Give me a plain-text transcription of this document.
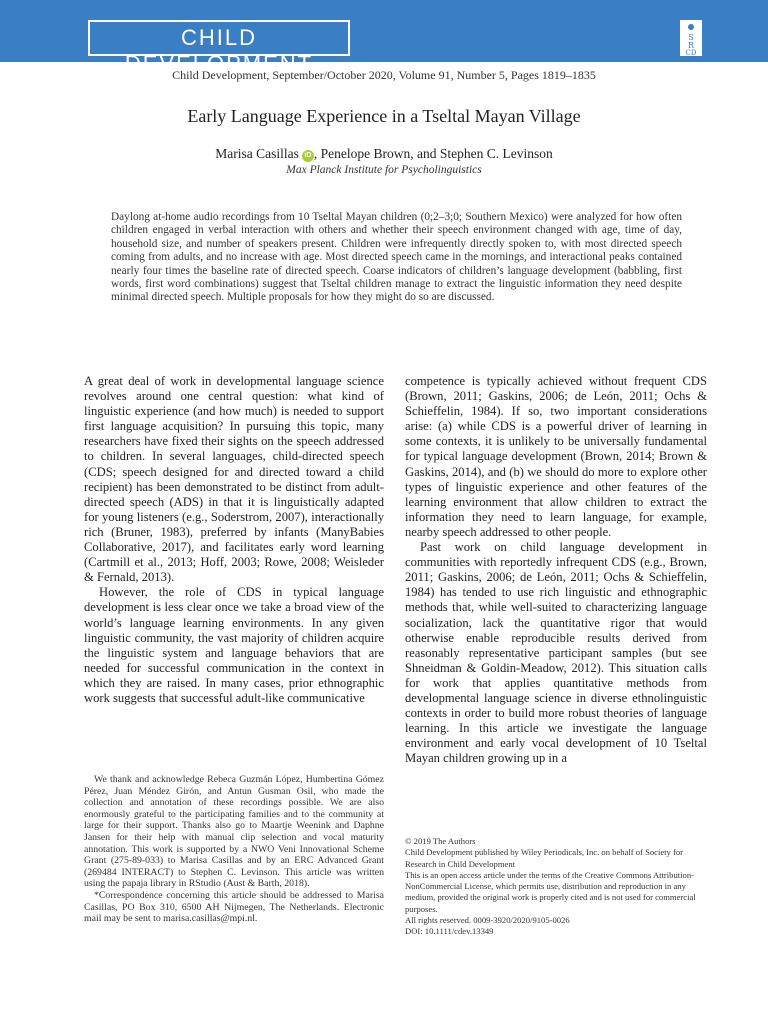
CHILD DEVELOPMENT
S
R
CD
Child Development, September/October 2020, Volume 91, Number 5, Pages 1819–1835
Early Language Experience in a Tseltal Mayan Village
Marisa Casillas iD , Penelope Brown, and Stephen C. Levinson
Max Planck Institute for Psycholinguistics

Daylong at-home audio recordings from 10 Tseltal Mayan children (0;2–3;0; Southern Mexico) were analyzed for how often children engaged in verbal interaction with others and whether their speech environment changed with age, time of day, household size, and number of speakers present. Children were infrequently directly spoken to, with most directed speech coming from adults, and no increase with age. Most directed speech came in the mornings, and interactional peaks contained nearly four times the baseline rate of directed speech. Coarse indicators of children’s language development (babbling, first words, first word combinations) suggest that Tseltal children manage to extract the linguistic information they need despite minimal directed speech. Multiple proposals for how they might do so are discussed.

A great deal of work in developmental language science revolves around one central question: what kind of linguistic experience (and how much) is needed to support first language acquisition? In pursuing this topic, many researchers have fixed their sights on the speech addressed to children. In several languages, child-directed speech (CDS; speech designed for and directed toward a child recipient) has been demonstrated to be distinct from adult-directed speech (ADS) in that it is linguistically adapted for young listeners (e.g., Soderstrom, 2007), interactionally rich (Bruner, 1983), preferred by infants (ManyBabies Collaborative, 2017), and facilitates early word learning (Cartmill et al., 2013; Hoff, 2003; Rowe, 2008; Weisleder & Fernald, 2013).

However, the role of CDS in typical language development is less clear once we take a broad view of the world’s language learning environments. In any given linguistic community, the vast majority of children acquire the linguistic system and language behaviors that are needed for successful communication in the context in which they are raised. In many cases, prior ethnographic work suggests that successful adult-like communicative

competence is typically achieved without frequent CDS (Brown, 2011; Gaskins, 2006; de León, 2011; Ochs & Schieffelin, 1984). If so, two important considerations arise: (a) while CDS is a powerful driver of learning in some contexts, it is unlikely to be universally fundamental for typical language development (Brown, 2014; Brown & Gaskins, 2014), and (b) we should do more to explore other types of linguistic experience and other features of the learning environment that allow children to extract the information they need to learn language, for example, nearby speech addressed to other people.

Past work on child language development in communities with reportedly infrequent CDS (e.g., Brown, 2011; Gaskins, 2006; de León, 2011; Ochs & Schieffelin, 1984) has tended to use rich linguistic and ethnographic methods that, while well-suited to characterizing language socialization, lack the quantitative rigor that would otherwise enable reproducible results derived from reasonably representative participant samples (but see Shneidman & Goldin-Meadow, 2012). This situation calls for work that applies quantitative methods from developmental language science in diverse ethnolinguistic contexts in order to build more robust theories of language learning. In this article we investigate the language environment and early vocal development of 10 Tseltal Mayan children growing up in a

We thank and acknowledge Rebeca Guzmán López, Humbertina Gómez Pérez, Juan Méndez Girón, and Antun Gusman Osil, who made the collection and annotation of these recordings possible. We are also enormously grateful to the participating families and to the community at large for their support. Thanks also go to Maartje Weenink and Daphne Jansen for their help with manual clip selection and vocal maturity annotation. This work is supported by a NWO Veni Innovational Scheme Grant (275-89-033) to Marisa Casillas and by an ERC Advanced Grant (269484 INTERACT) to Stephen C. Levinson. This article was written using the papaja library in RStudio (Aust & Barth, 2018).

*Correspondence concerning this article should be addressed to Marisa Casillas, PO Box 310, 6500 AH Nijmegen, The Netherlands. Electronic mail may be sent to marisa.casillas@mpi.nl.

© 2019 The Authors
Child Development published by Wiley Periodicals, Inc. on behalf of Society for Research in Child Development
This is an open access article under the terms of the Creative Commons Attribution-NonCommercial License, which permits use, distribution and reproduction in any medium, provided the original work is properly cited and is not used for commercial purposes.
All rights reserved. 0009-3920/2020/9105-0026
DOI: 10.1111/cdev.13349
